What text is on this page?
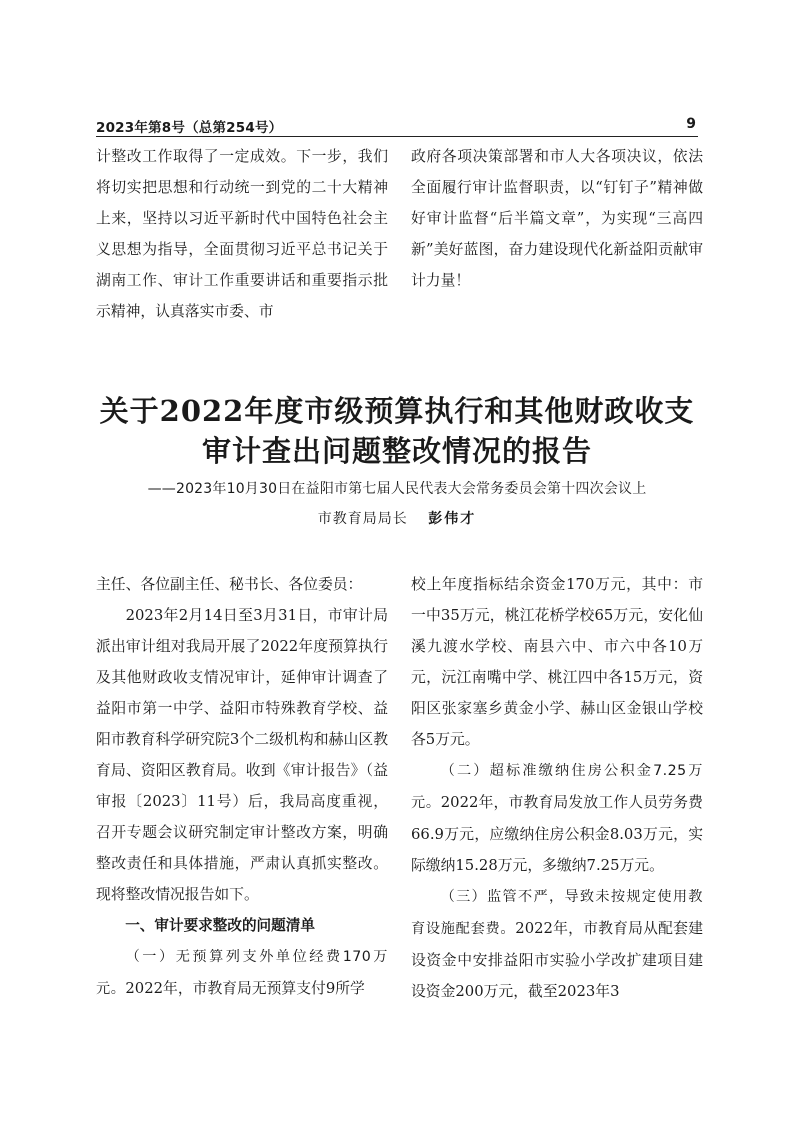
2023年第8号（总第254号）	9

计整改工作取得了一定成效。下一步，我们将切实把思想和行动统一到党的二十大精神上来，坚持以习近平新时代中国特色社会主义思想为指导，全面贯彻习近平总书记关于湖南工作、审计工作重要讲话和重要指示批示精神，认真落实市委、市

政府各项决策部署和市人大各项决议，依法全面履行审计监督职责，以“钉钉子”精神做好审计监督“后半篇文章”，为实现“三高四新”美好蓝图，奋力建设现代化新益阳贡献审计力量！

关于2022年度市级预算执行和其他财政收支
审计查出问题整改情况的报告
——2023年10月30日在益阳市第七届人民代表大会常务委员会第十四次会议上
市教育局局长 彭伟才

主任、各位副主任、秘书长、各位委员：

2023年2月14日至3月31日，市审计局派出审计组对我局开展了2022年度预算执行及其他财政收支情况审计，延伸审计调查了益阳市第一中学、益阳市特殊教育学校、益阳市教育科学研究院3个二级机构和赫山区教育局、资阳区教育局。收到《审计报告》（益审报〔2023〕11号）后，我局高度重视，召开专题会议研究制定审计整改方案，明确整改责任和具体措施，严肃认真抓实整改。现将整改情况报告如下。

一、审计要求整改的问题清单

（一）无预算列支外单位经费170万元。2022年，市教育局无预算支付9所学

校上年度指标结余资金170万元，其中：市一中35万元，桃江花桥学校65万元，安化仙溪九渡水学校、南县六中、市六中各10万元，沅江南嘴中学、桃江四中各15万元，资阳区张家塞乡黄金小学、赫山区金银山学校各5万元。

（二）超标准缴纳住房公积金7.25万元。2022年，市教育局发放工作人员劳务费66.9万元，应缴纳住房公积金8.03万元，实际缴纳15.28万元，多缴纳7.25万元。

（三）监管不严，导致未按规定使用教育设施配套费。2022年，市教育局从配套建设资金中安排益阳市实验小学改扩建项目建设资金200万元，截至2023年3
